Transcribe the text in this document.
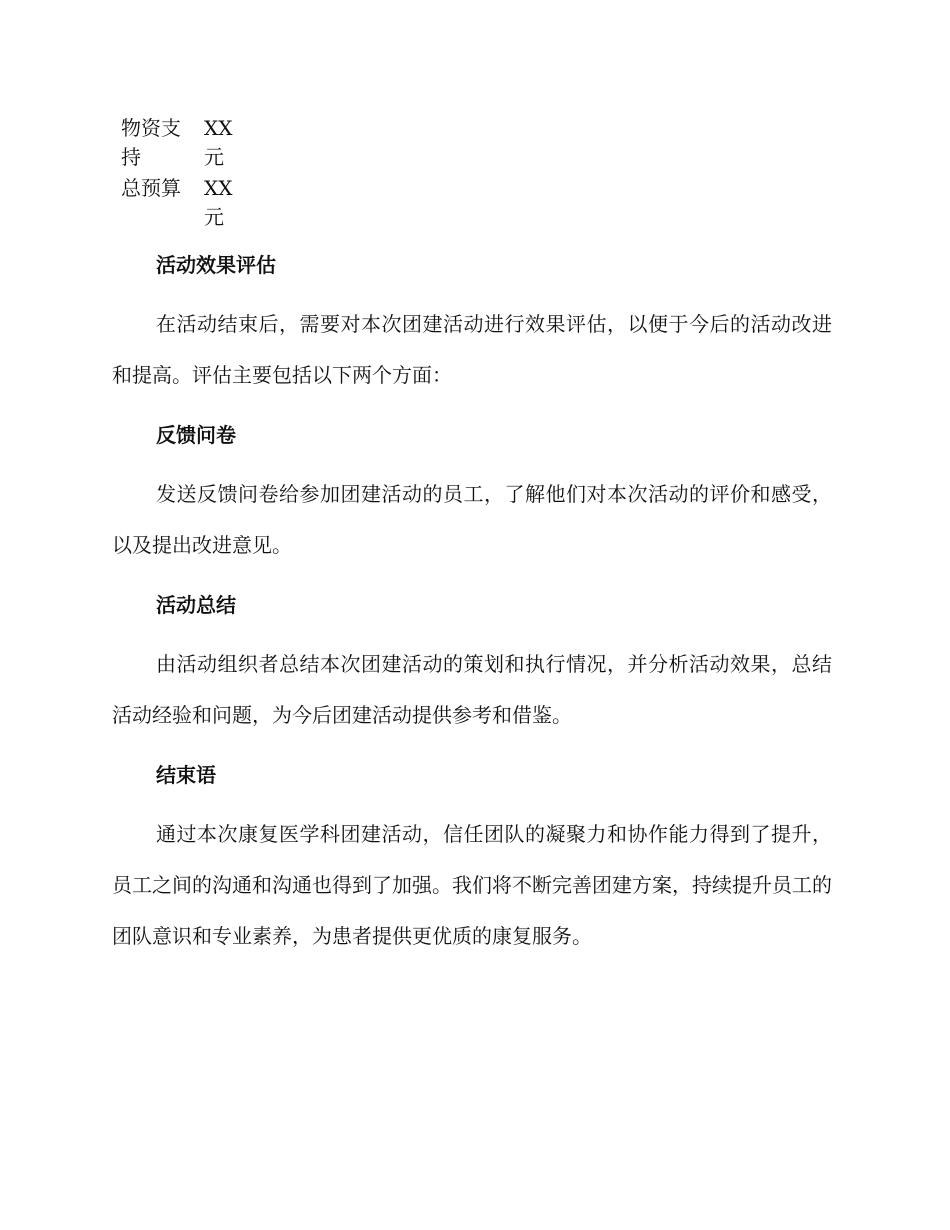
物资支持	XX元

总预算	XX元
活动效果评估

在活动结束后，需要对本次团建活动进行效果评估，以便于今后的活动改进和提高。评估主要包括以下两个方面：

反馈问卷

发送反馈问卷给参加团建活动的员工，了解他们对本次活动的评价和感受，以及提出改进意见。

活动总结

由活动组织者总结本次团建活动的策划和执行情况，并分析活动效果，总结活动经验和问题，为今后团建活动提供参考和借鉴。

结束语

通过本次康复医学科团建活动，信任团队的凝聚力和协作能力得到了提升，员工之间的沟通和沟通也得到了加强。我们将不断完善团建方案，持续提升员工的团队意识和专业素养，为患者提供更优质的康复服务。
